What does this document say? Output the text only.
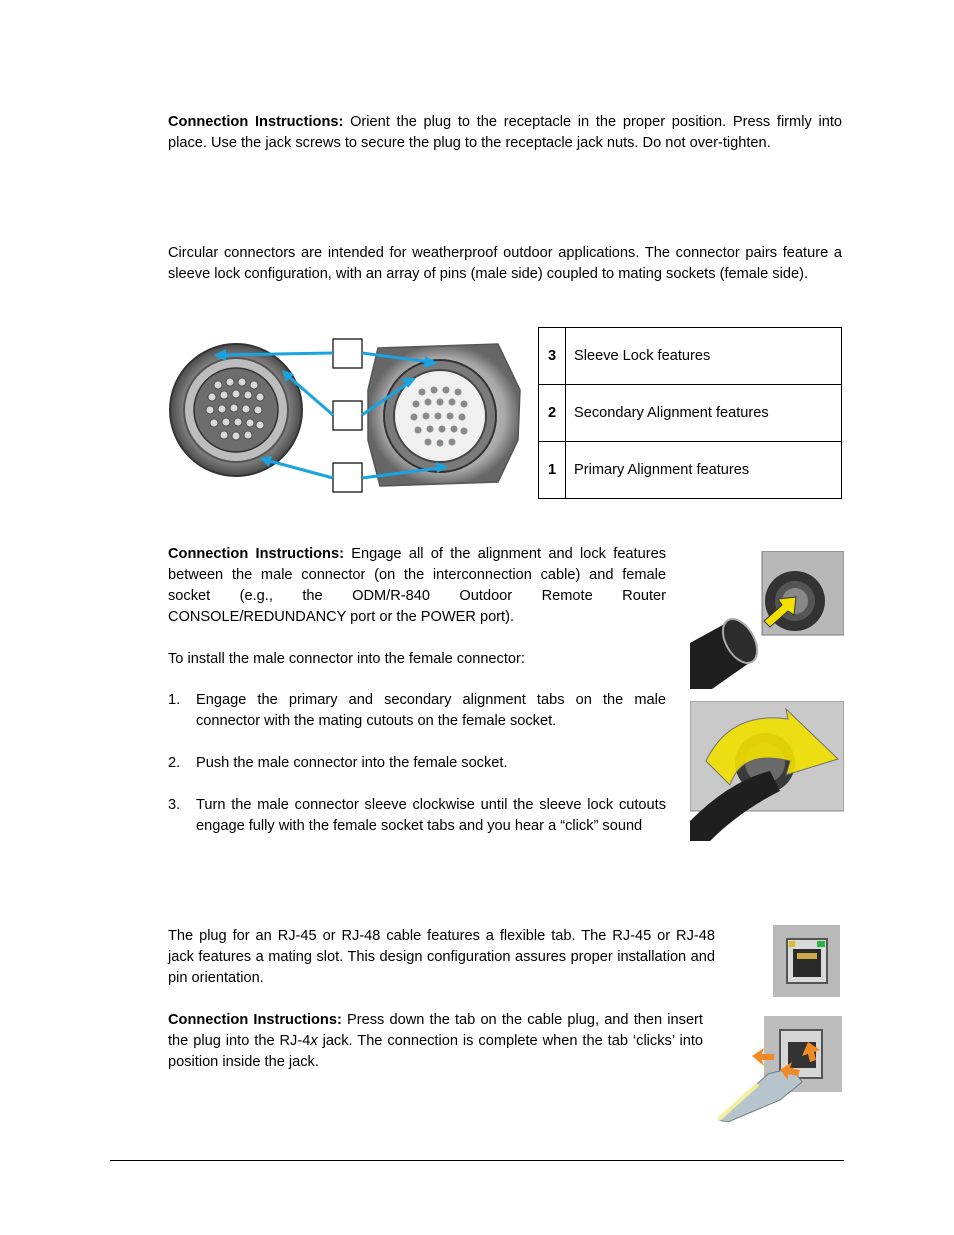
Connection Instructions: Orient the plug to the receptacle in the proper position. Press firmly into place. Use the jack screws to secure the plug to the receptacle jack nuts. Do not over-tighten.

Circular connectors are intended for weatherproof outdoor applications. The connector pairs feature a sleeve lock configuration, with an array of pins (male side) coupled to mating sockets (female side).

3	Sleeve Lock features
2	Secondary Alignment features
1	Primary Alignment features

Connection Instructions: Engage all of the alignment and lock features between the male connector (on the interconnection cable) and female socket (e.g., the ODM/R-840 Outdoor Remote Router CONSOLE/REDUNDANCY port or the POWER port).

To install the male connector into the female connector:

1. Engage the primary and secondary alignment tabs on the male connector with the mating cutouts on the female socket.
2. Push the male connector into the female socket.
3. Turn the male connector sleeve clockwise until the sleeve lock cutouts engage fully with the female socket tabs and you hear a “click” sound

The plug for an RJ-45 or RJ-48 cable features a flexible tab. The RJ-45 or RJ-48 jack features a mating slot. This design configuration assures proper installation and pin orientation.

Connection Instructions: Press down the tab on the cable plug, and then insert the plug into the RJ-4x jack. The connection is complete when the tab ‘clicks’ into position inside the jack.
